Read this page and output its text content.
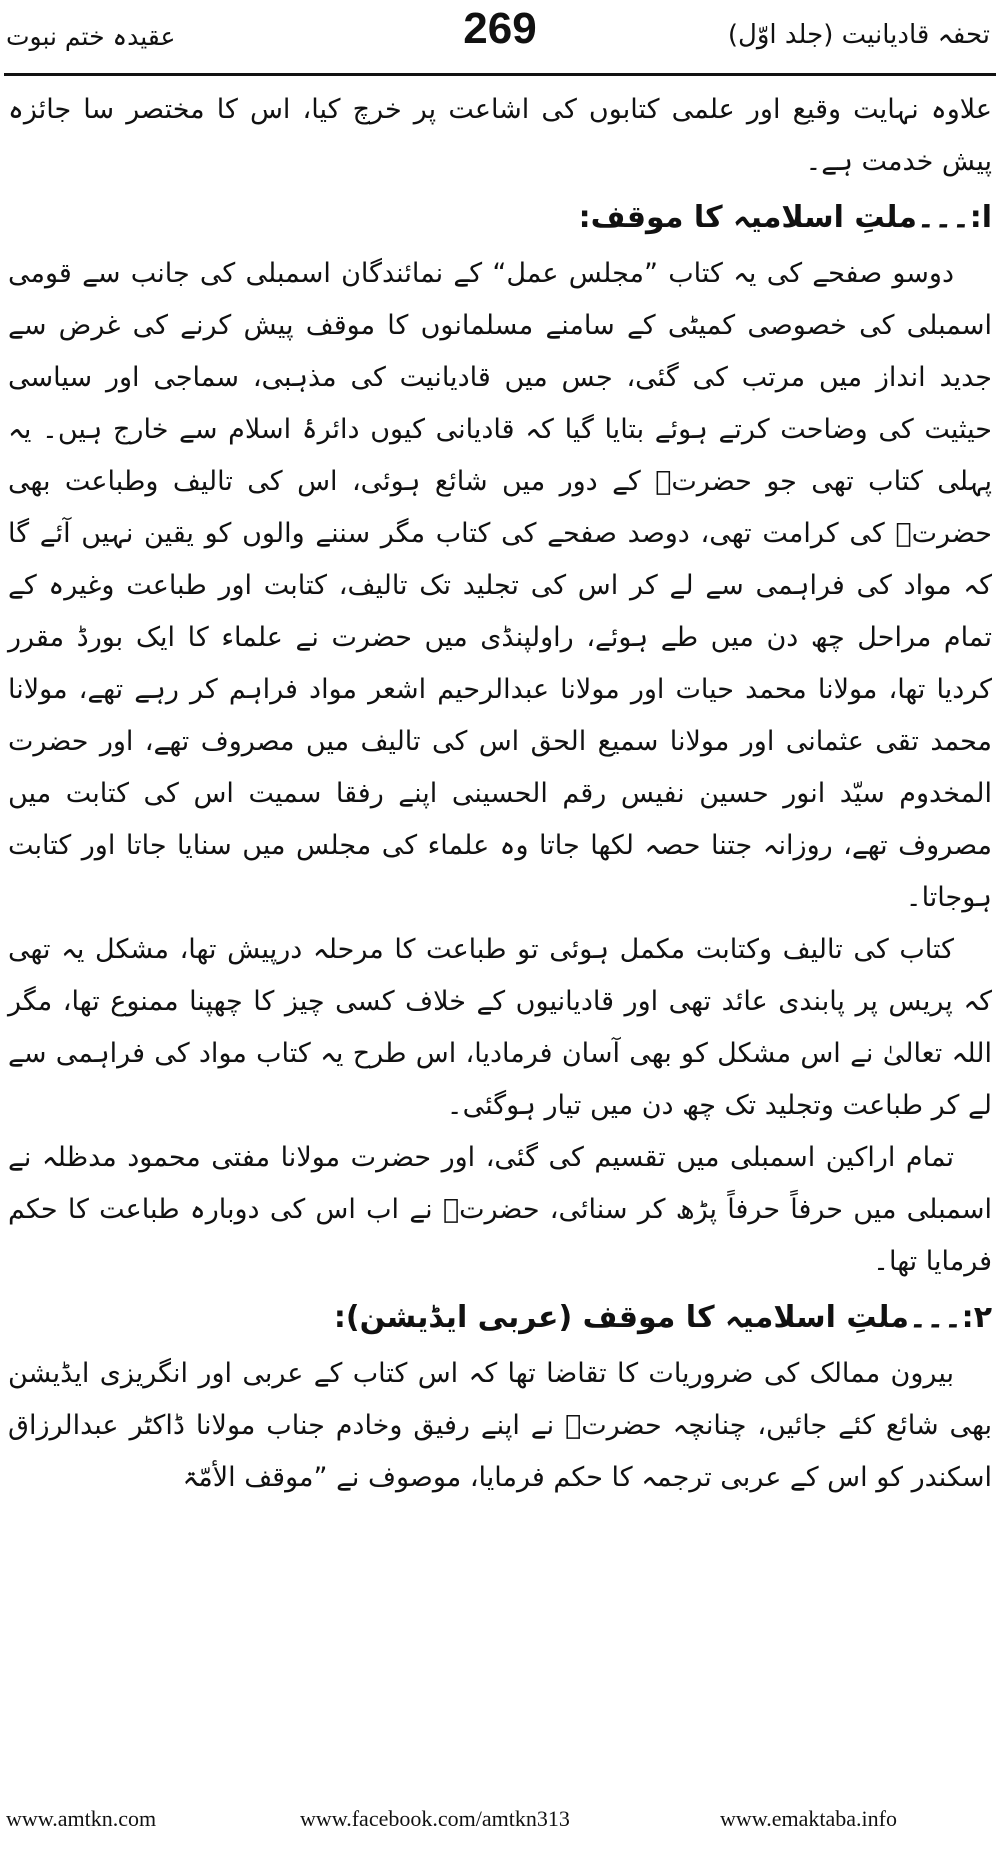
تحفہ قادیانیت (جلد اوّل)
269
عقیدہ ختم نبوت

علاوہ نہایت وقیع اور علمی کتابوں کی اشاعت پر خرچ کیا، اس کا مختصر سا جائزہ پیش خدمت ہے۔

ا:۔۔۔ملتِ اسلامیہ کا موقف:

دوسو صفحے کی یہ کتاب ”مجلس عمل“ کے نمائندگان اسمبلی کی جانب سے قومی اسمبلی کی خصوصی کمیٹی کے سامنے مسلمانوں کا موقف پیش کرنے کی غرض سے جدید انداز میں مرتب کی گئی، جس میں قادیانیت کی مذہبی، سماجی اور سیاسی حیثیت کی وضاحت کرتے ہوئے بتایا گیا کہ قادیانی کیوں دائرۂ اسلام سے خارج ہیں۔ یہ پہلی کتاب تھی جو حضرتؒ کے دور میں شائع ہوئی، اس کی تالیف وطباعت بھی حضرتؒ کی کرامت تھی، دوصد صفحے کی کتاب مگر سننے والوں کو یقین نہیں آئے گا کہ مواد کی فراہمی سے لے کر اس کی تجلید تک تالیف، کتابت اور طباعت وغیرہ کے تمام مراحل چھ دن میں طے ہوئے، راولپنڈی میں حضرت نے علماء کا ایک بورڈ مقرر کردیا تھا، مولانا محمد حیات اور مولانا عبدالرحیم اشعر مواد فراہم کر رہے تھے، مولانا محمد تقی عثمانی اور مولانا سمیع الحق اس کی تالیف میں مصروف تھے، اور حضرت المخدوم سیّد انور حسین نفیس رقم الحسینی اپنے رفقا سمیت اس کی کتابت میں مصروف تھے، روزانہ جتنا حصہ لکھا جاتا وہ علماء کی مجلس میں سنایا جاتا اور کتابت ہوجاتا۔

کتاب کی تالیف وکتابت مکمل ہوئی تو طباعت کا مرحلہ درپیش تھا، مشکل یہ تھی کہ پریس پر پابندی عائد تھی اور قادیانیوں کے خلاف کسی چیز کا چھپنا ممنوع تھا، مگر اللہ تعالیٰ نے اس مشکل کو بھی آسان فرمادیا، اس طرح یہ کتاب مواد کی فراہمی سے لے کر طباعت وتجلید تک چھ دن میں تیار ہوگئی۔

تمام اراکین اسمبلی میں تقسیم کی گئی، اور حضرت مولانا مفتی محمود مدظلہ نے اسمبلی میں حرفاً حرفاً پڑھ کر سنائی، حضرتؒ نے اب اس کی دوبارہ طباعت کا حکم فرمایا تھا۔

۲:۔۔۔ملتِ اسلامیہ کا موقف (عربی ایڈیشن):

بیرون ممالک کی ضروریات کا تقاضا تھا کہ اس کتاب کے عربی اور انگریزی ایڈیشن بھی شائع کئے جائیں، چنانچہ حضرتؒ نے اپنے رفیق وخادم جناب مولانا ڈاکٹر عبدالرزاق اسکندر کو اس کے عربی ترجمہ کا حکم فرمایا، موصوف نے ”موقف الأمّۃ

www.amtkn.com	www.facebook.com/amtkn313	www.emaktaba.info
